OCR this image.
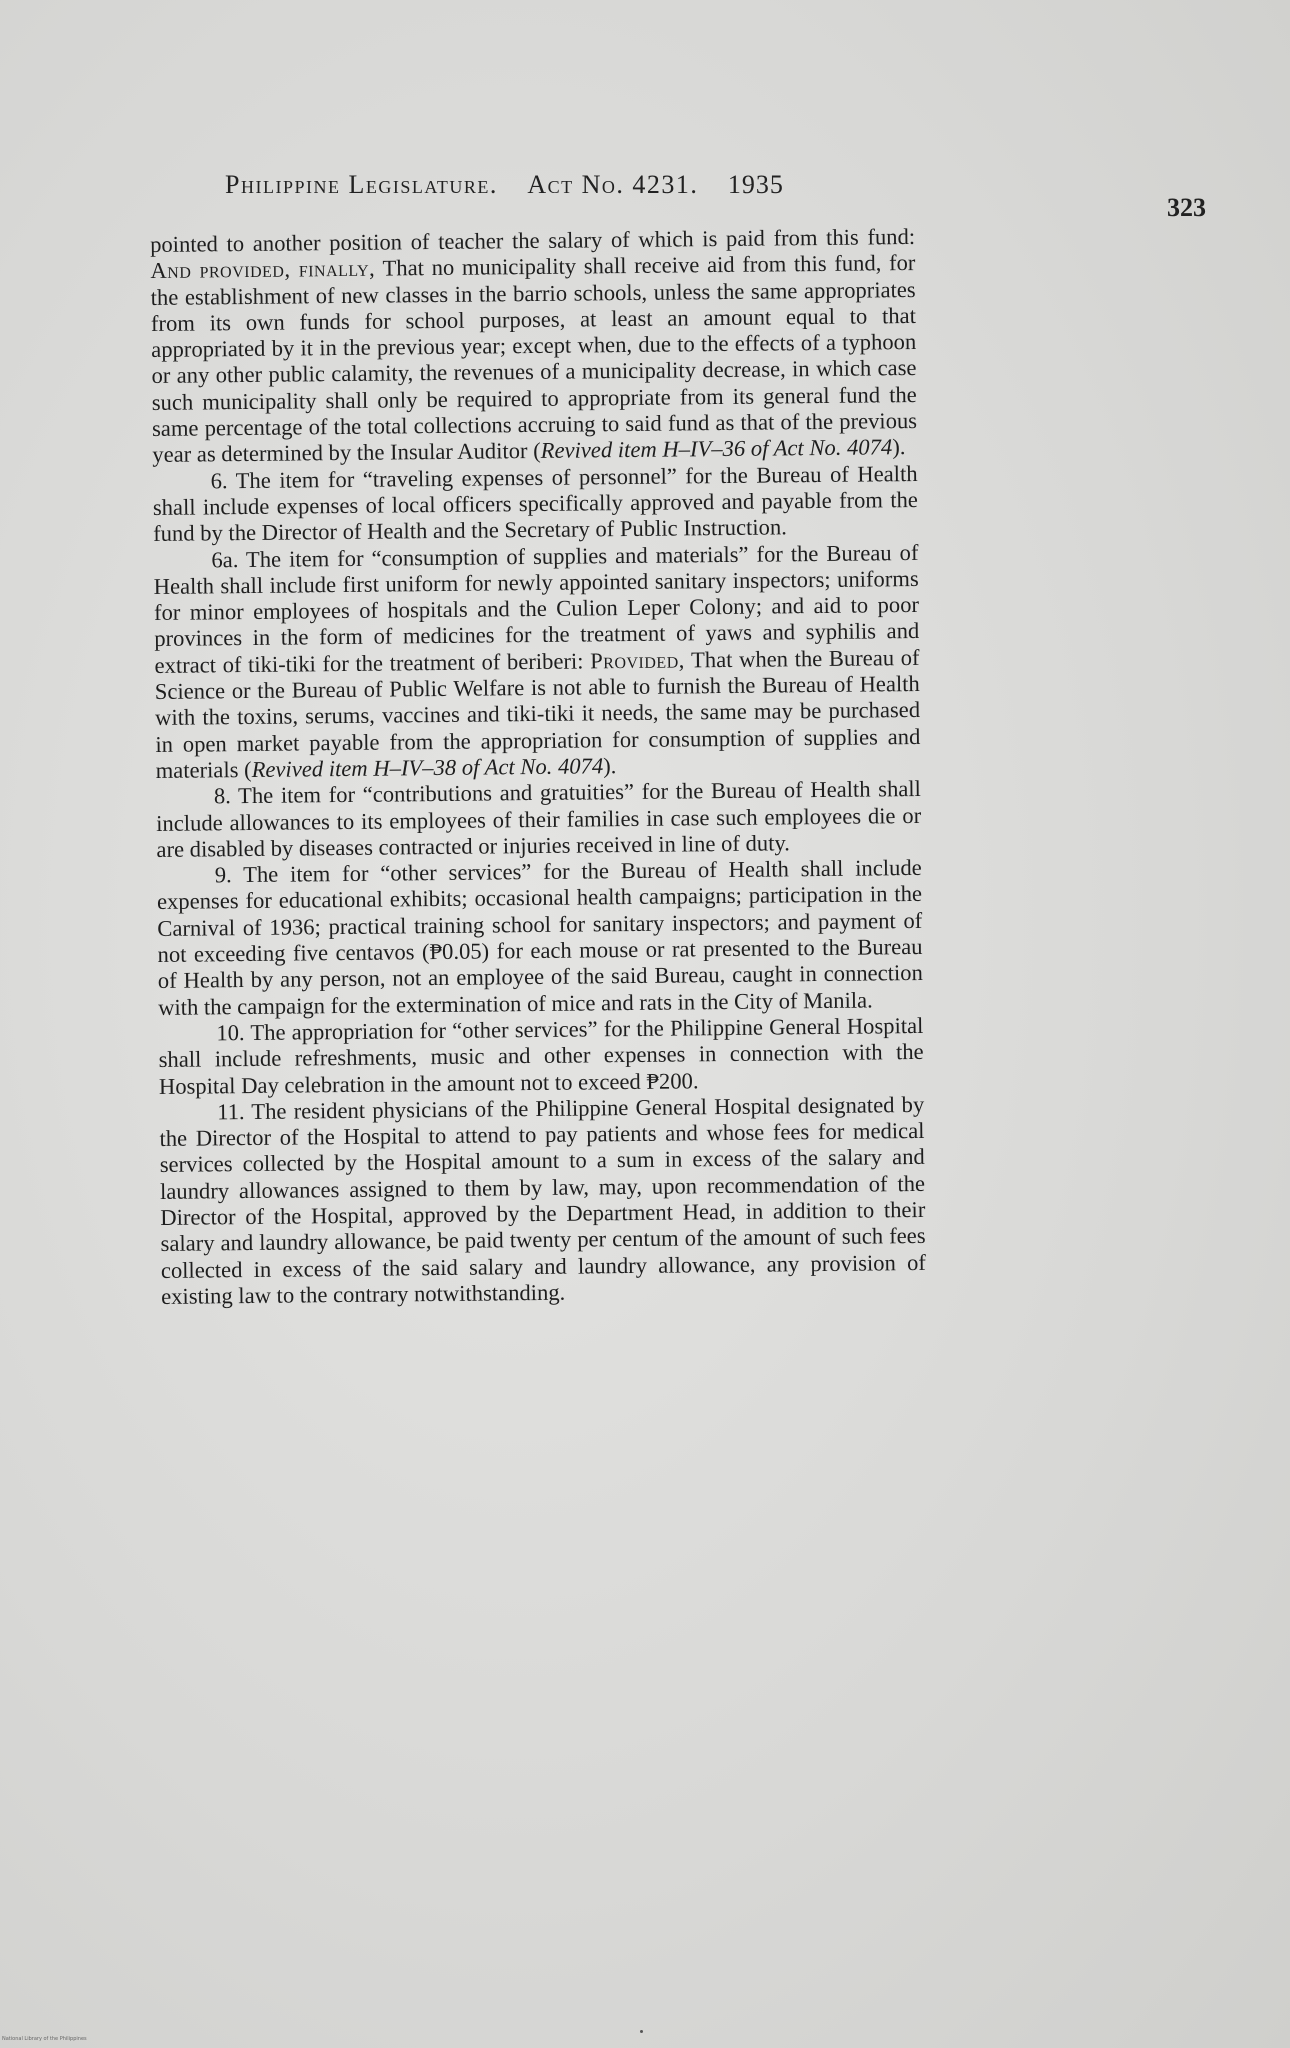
Philippine Legislature. Act No. 4231. 1935
323

pointed to another position of teacher the salary of which is paid from this fund: And provided, finally, That no municipality shall receive aid from this fund, for the establishment of new classes in the barrio schools, unless the same appropriates from its own funds for school purposes, at least an amount equal to that appropriated by it in the previous year; except when, due to the effects of a typhoon or any other public calamity, the revenues of a municipality decrease, in which case such municipality shall only be required to appropriate from its general fund the same percentage of the total collections accruing to said fund as that of the previous year as determined by the Insular Auditor (Revived item H–IV–36 of Act No. 4074).

6. The item for “traveling expenses of personnel” for the Bureau of Health shall include expenses of local officers specifically approved and payable from the fund by the Director of Health and the Secretary of Public Instruction.

6a. The item for “consumption of supplies and materials” for the Bureau of Health shall include first uniform for newly appointed sanitary inspectors; uniforms for minor employees of hospitals and the Culion Leper Colony; and aid to poor provinces in the form of medicines for the treatment of yaws and syphilis and extract of tiki-tiki for the treatment of beriberi: Provided, That when the Bureau of Science or the Bureau of Public Welfare is not able to furnish the Bureau of Health with the toxins, serums, vaccines and tiki-tiki it needs, the same may be purchased in open market payable from the appropriation for consumption of supplies and materials (Revived item H–IV–38 of Act No. 4074).

8. The item for “contributions and gratuities” for the Bureau of Health shall include allowances to its employees of their families in case such employees die or are disabled by diseases contracted or injuries received in line of duty.

9. The item for “other services” for the Bureau of Health shall include expenses for educational exhibits; occasional health campaigns; participation in the Carnival of 1936; practical training school for sanitary inspectors; and payment of not exceeding five centavos (₱0.05) for each mouse or rat presented to the Bureau of Health by any person, not an employee of the said Bureau, caught in connection with the campaign for the extermination of mice and rats in the City of Manila.

10. The appropriation for “other services” for the Philippine General Hospital shall include refreshments, music and other expenses in connection with the Hospital Day celebration in the amount not to exceed ₱200.

11. The resident physicians of the Philippine General Hospital designated by the Director of the Hospital to attend to pay patients and whose fees for medical services collected by the Hospital amount to a sum in excess of the salary and laundry allowances assigned to them by law, may, upon recommendation of the Director of the Hospital, approved by the Department Head, in addition to their salary and laundry allowance, be paid twenty per centum of the amount of such fees collected in excess of the said salary and laundry allowance, any provision of existing law to the contrary notwithstanding.

National Library of the Philippines
